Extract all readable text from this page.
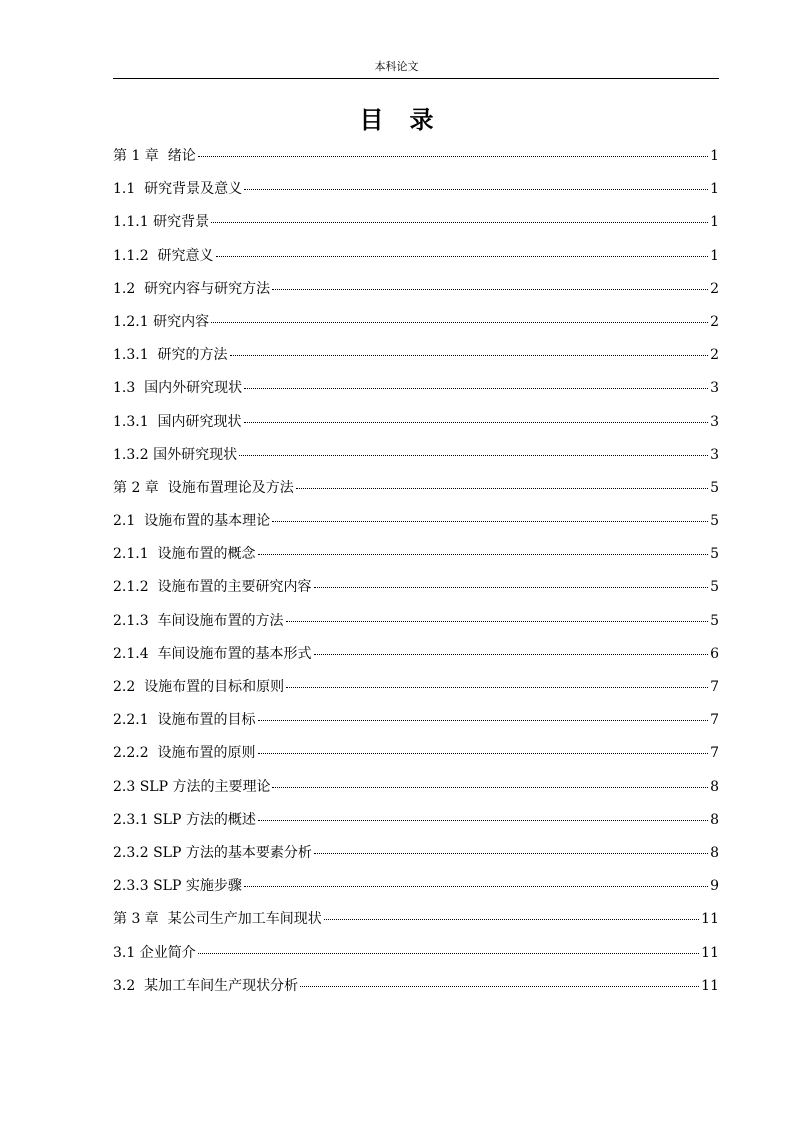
本科论文
目录
第 1 章  绪论	1
1.1  研究背景及意义	1
1.1.1 研究背景	1
1.1.2  研究意义	1
1.2  研究内容与研究方法	2
1.2.1 研究内容	2
1.3.1  研究的方法	2
1.3  国内外研究现状	3
1.3.1  国内研究现状	3
1.3.2 国外研究现状	3
第 2 章  设施布置理论及方法	5
2.1  设施布置的基本理论	5
2.1.1  设施布置的概念	5
2.1.2  设施布置的主要研究内容	5
2.1.3  车间设施布置的方法	5
2.1.4  车间设施布置的基本形式	6
2.2  设施布置的目标和原则	7
2.2.1  设施布置的目标	7
2.2.2  设施布置的原则	7
2.3 SLP 方法的主要理论	8
2.3.1 SLP 方法的概述	8
2.3.2 SLP 方法的基本要素分析	8
2.3.3 SLP 实施步骤	9
第 3 章  某公司生产加工车间现状	11
3.1 企业简介	11
3.2  某加工车间生产现状分析	11
